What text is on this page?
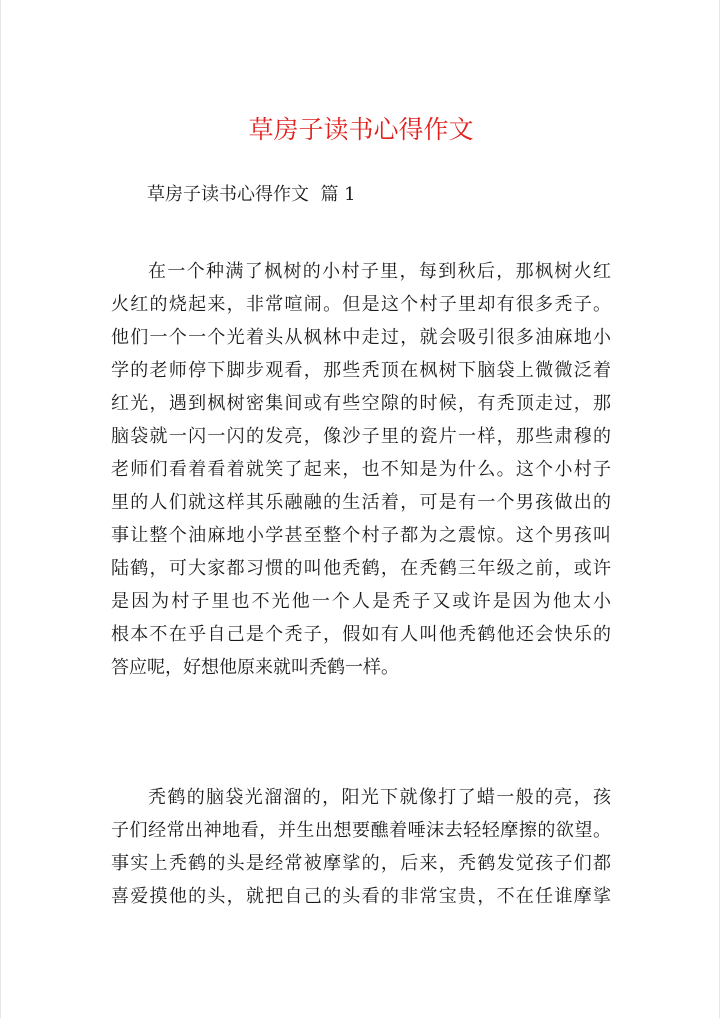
草房子读书心得作文
草房子读书心得作文  篇 1
在一个种满了枫树的小村子里，每到秋后，那枫树火红
火红的烧起来，非常喧闹。但是这个村子里却有很多秃子。
他们一个一个光着头从枫林中走过，就会吸引很多油麻地小
学的老师停下脚步观看，那些秃顶在枫树下脑袋上微微泛着
红光，遇到枫树密集间或有些空隙的时候，有秃顶走过，那
脑袋就一闪一闪的发亮，像沙子里的瓷片一样，那些肃穆的
老师们看着看着就笑了起来，也不知是为什么。这个小村子
里的人们就这样其乐融融的生活着，可是有一个男孩做出的
事让整个油麻地小学甚至整个村子都为之震惊。这个男孩叫
陆鹤，可大家都习惯的叫他秃鹤，在秃鹤三年级之前，或许
是因为村子里也不光他一个人是秃子又或许是因为他太小
根本不在乎自己是个秃子，假如有人叫他秃鹤他还会快乐的
答应呢，好想他原来就叫秃鹤一样。
秃鹤的脑袋光溜溜的，阳光下就像打了蜡一般的亮，孩
子们经常出神地看，并生出想要醮着唾沫去轻轻摩擦的欲望。
事实上秃鹤的头是经常被摩挲的，后来，秃鹤发觉孩子们都
喜爱摸他的头，就把自己的头看的非常宝贵，不在任谁摩挲
